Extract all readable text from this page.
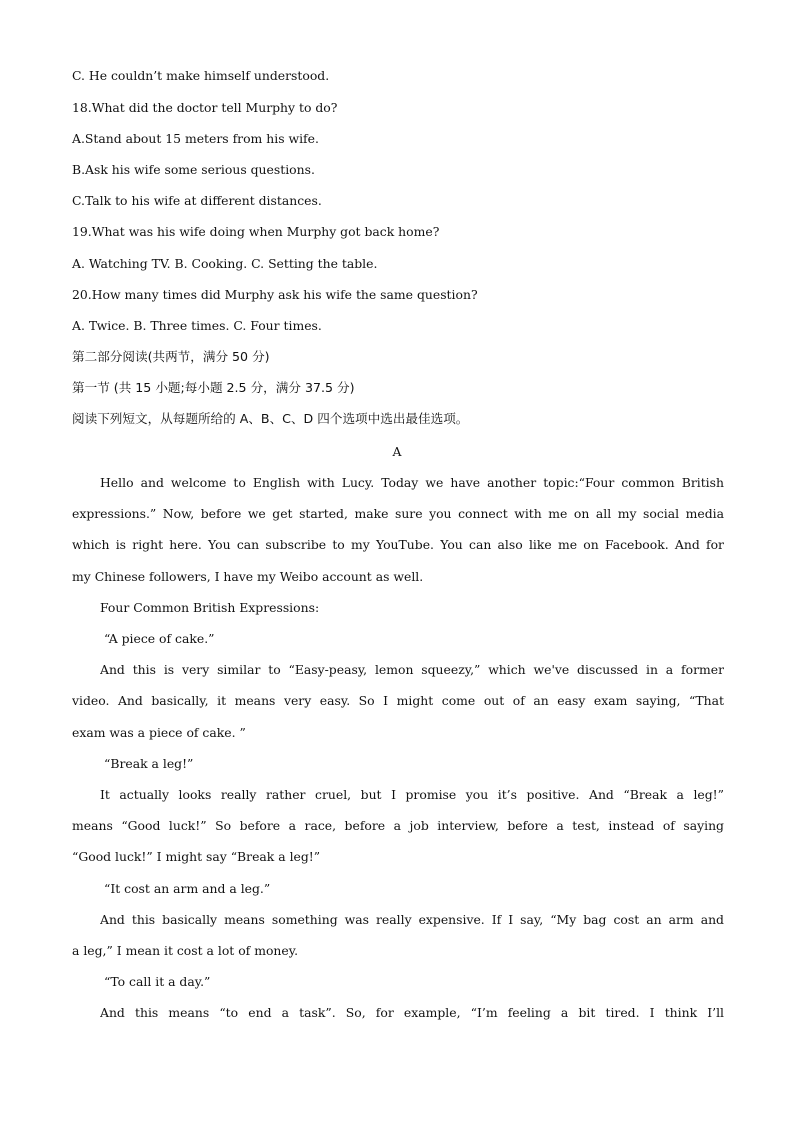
C. He couldn’t make himself understood.
18.What did the doctor tell Murphy to do?
A.Stand about 15 meters from his wife.
B.Ask his wife some serious questions.
C.Talk to his wife at different distances.
19.What was his wife doing when Murphy got back home?
A. Watching TV. B. Cooking. C. Setting the table.
20.How many times did Murphy ask his wife the same question?
A. Twice. B. Three times. C. Four times.
第二部分阅读(共两节，满分 50 分)
第一节 (共 15 小题;每小题 2.5 分，满分 37.5 分)
阅读下列短文，从每题所给的 A、B、C、D 四个选项中选出最佳选项。
A
Hello and welcome to English with Lucy. Today we have another topic:“Four common British
expressions.” Now, before we get started, make sure you connect with me on all my social media
which is right here. You can subscribe to my YouTube. You can also like me on Facebook. And for
my Chinese followers, I have my Weibo account as well.
Four Common British Expressions:
“A piece of cake.”
And this is very similar to “Easy-peasy, lemon squeezy,” which we've discussed in a former
video. And basically, it means very easy. So I might come out of an easy exam saying, “That
exam was a piece of cake. ”
“Break a leg!”
It actually looks really rather cruel, but I promise you it’s positive. And “Break a leg!”
means “Good luck!” So before a race, before a job interview, before a test, instead of saying
“Good luck!” I might say “Break a leg!”
“It cost an arm and a leg.”
And this basically means something was really expensive. If I say, “My bag cost an arm and
a leg,” I mean it cost a lot of money.
“To call it a day.”
And this means “to end a task”. So, for example, “I’m feeling a bit tired. I think I’ll
